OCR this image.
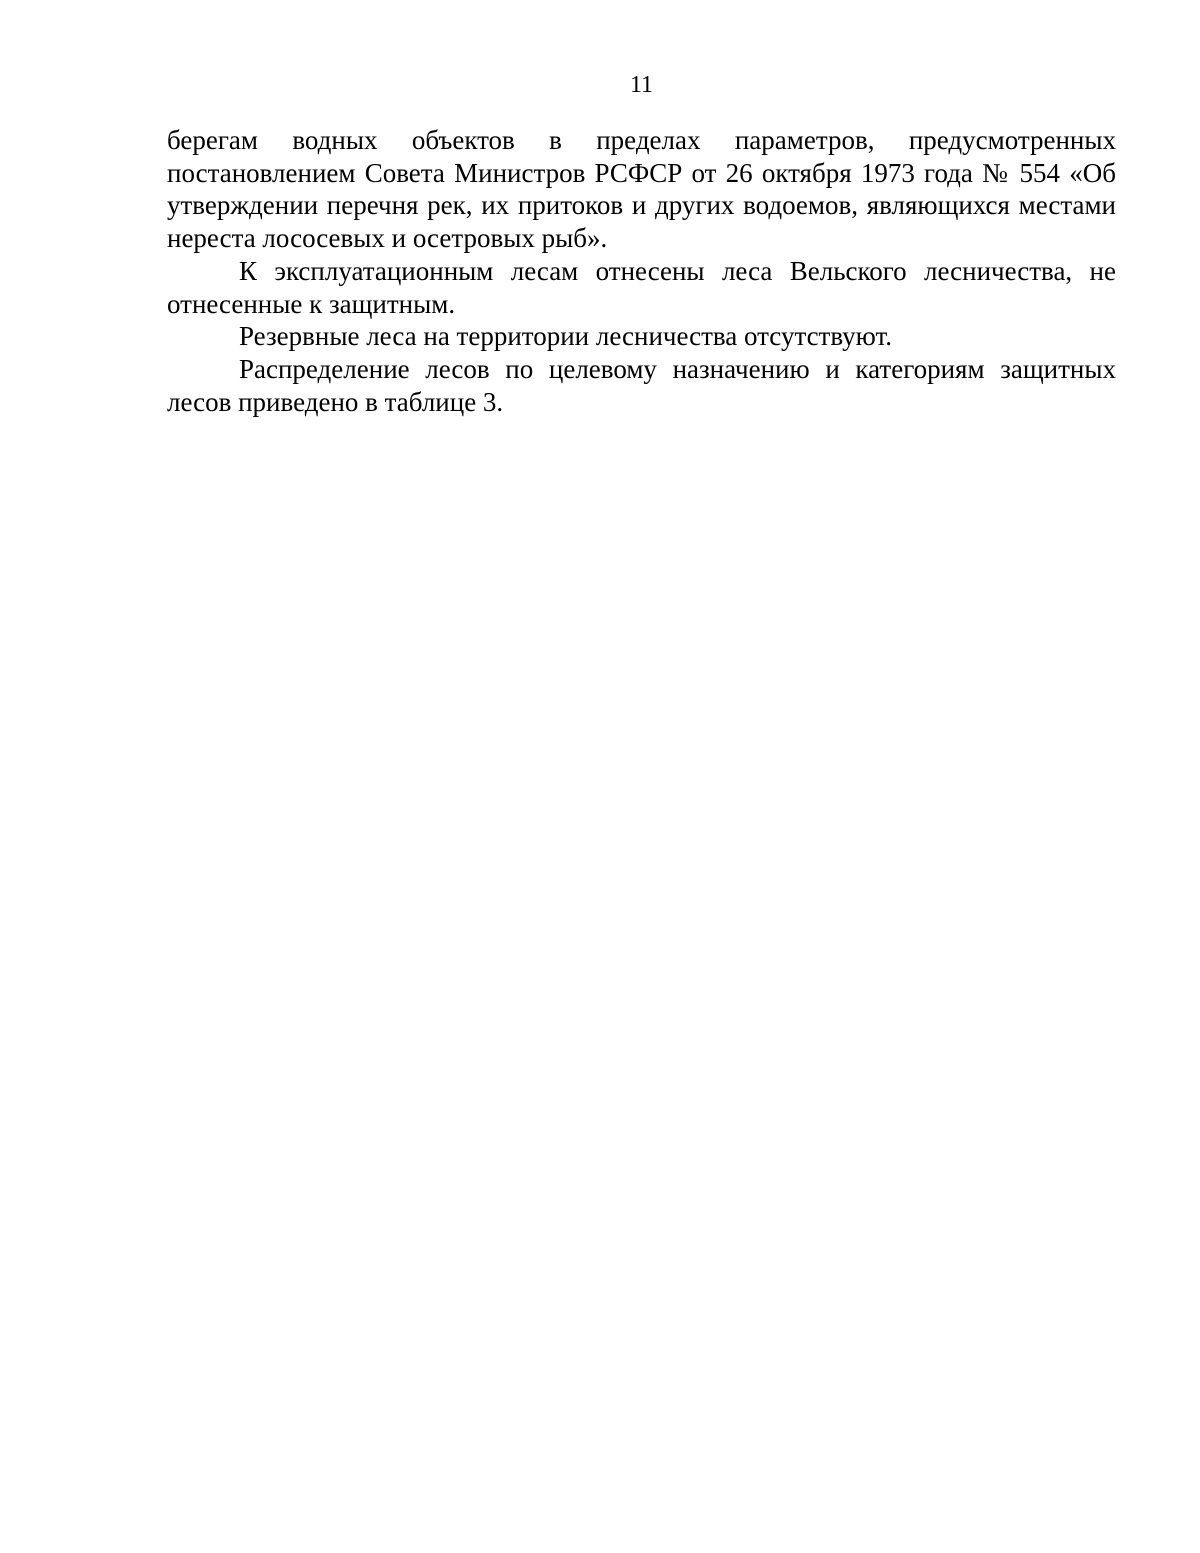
11

берегам водных объектов в пределах параметров, предусмотренных постановлением Совета Министров РСФСР от 26 октября 1973 года № 554 «Об утверждении перечня рек, их притоков и других водоемов, являющихся местами нереста лососевых и осетровых рыб».

К эксплуатационным лесам отнесены леса Вельского лесничества, не отнесенные к защитным.

Резервные леса на территории лесничества отсутствуют.

Распределение лесов по целевому назначению и категориям защитных лесов приведено в таблице 3.
